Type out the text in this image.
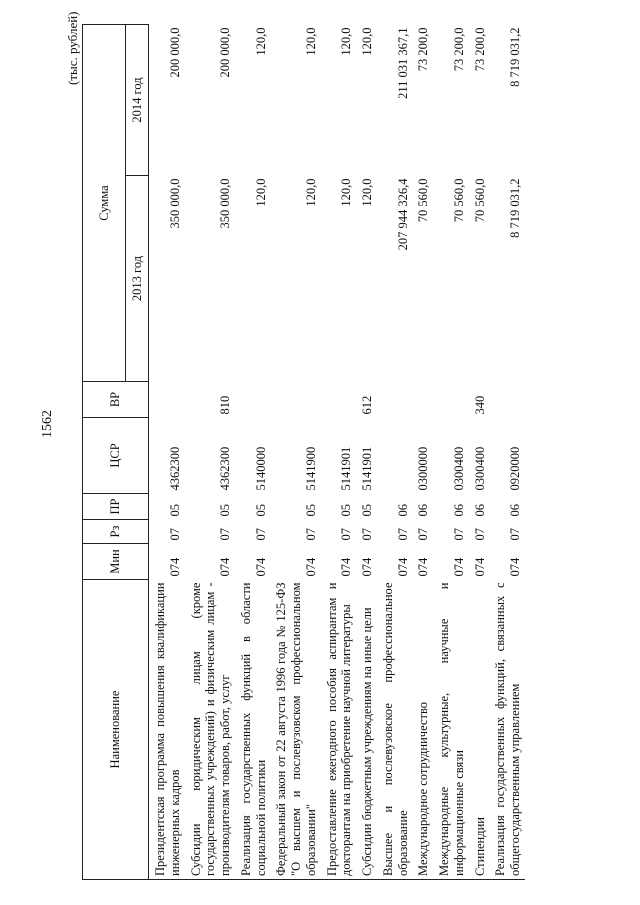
1562
(тыс. рублей)
Наименование	Мин	Рз	ПР	ЦСР	ВР	Сумма	
						2013 год	2014 год
Президентская программа повышения квалификации инженерных кадров	074	07	05	4362300		350 000,0	200 000,0
Субсидии юридическим лицам (кроме государственных учреждений) и физическим лицам - производителям товаров, работ, услуг	074	07	05	4362300	810	350 000,0	200 000,0
Реализация государственных функций в области социальной политики	074	07	05	5140000		120,0	120,0
Федеральный закон от 22 августа 1996 года № 125-ФЗ "О высшем и послевузовском профессиональном образовании"	074	07	05	5141900		120,0	120,0
Предоставление ежегодного пособия аспирантам и докторантам на приобретение научной литературы	074	07	05	5141901		120,0	120,0
Субсидии бюджетным учреждениям на иные цели	074	07	05	5141901	612	120,0	120,0
Высшее и послевузовское профессиональное образование	074	07	06			207 944 326,4	211 031 367,1
Международное сотрудничество	074	07	06	0300000		70 560,0	73 200,0
Международные культурные, научные и информационные связи	074	07	06	0300400		70 560,0	73 200,0
Стипендии	074	07	06	0300400	340	70 560,0	73 200,0
Реализация государственных функций, связанных с общегосударственным управлением	074	07	06	0920000		8 719 031,2	8 719 031,2
